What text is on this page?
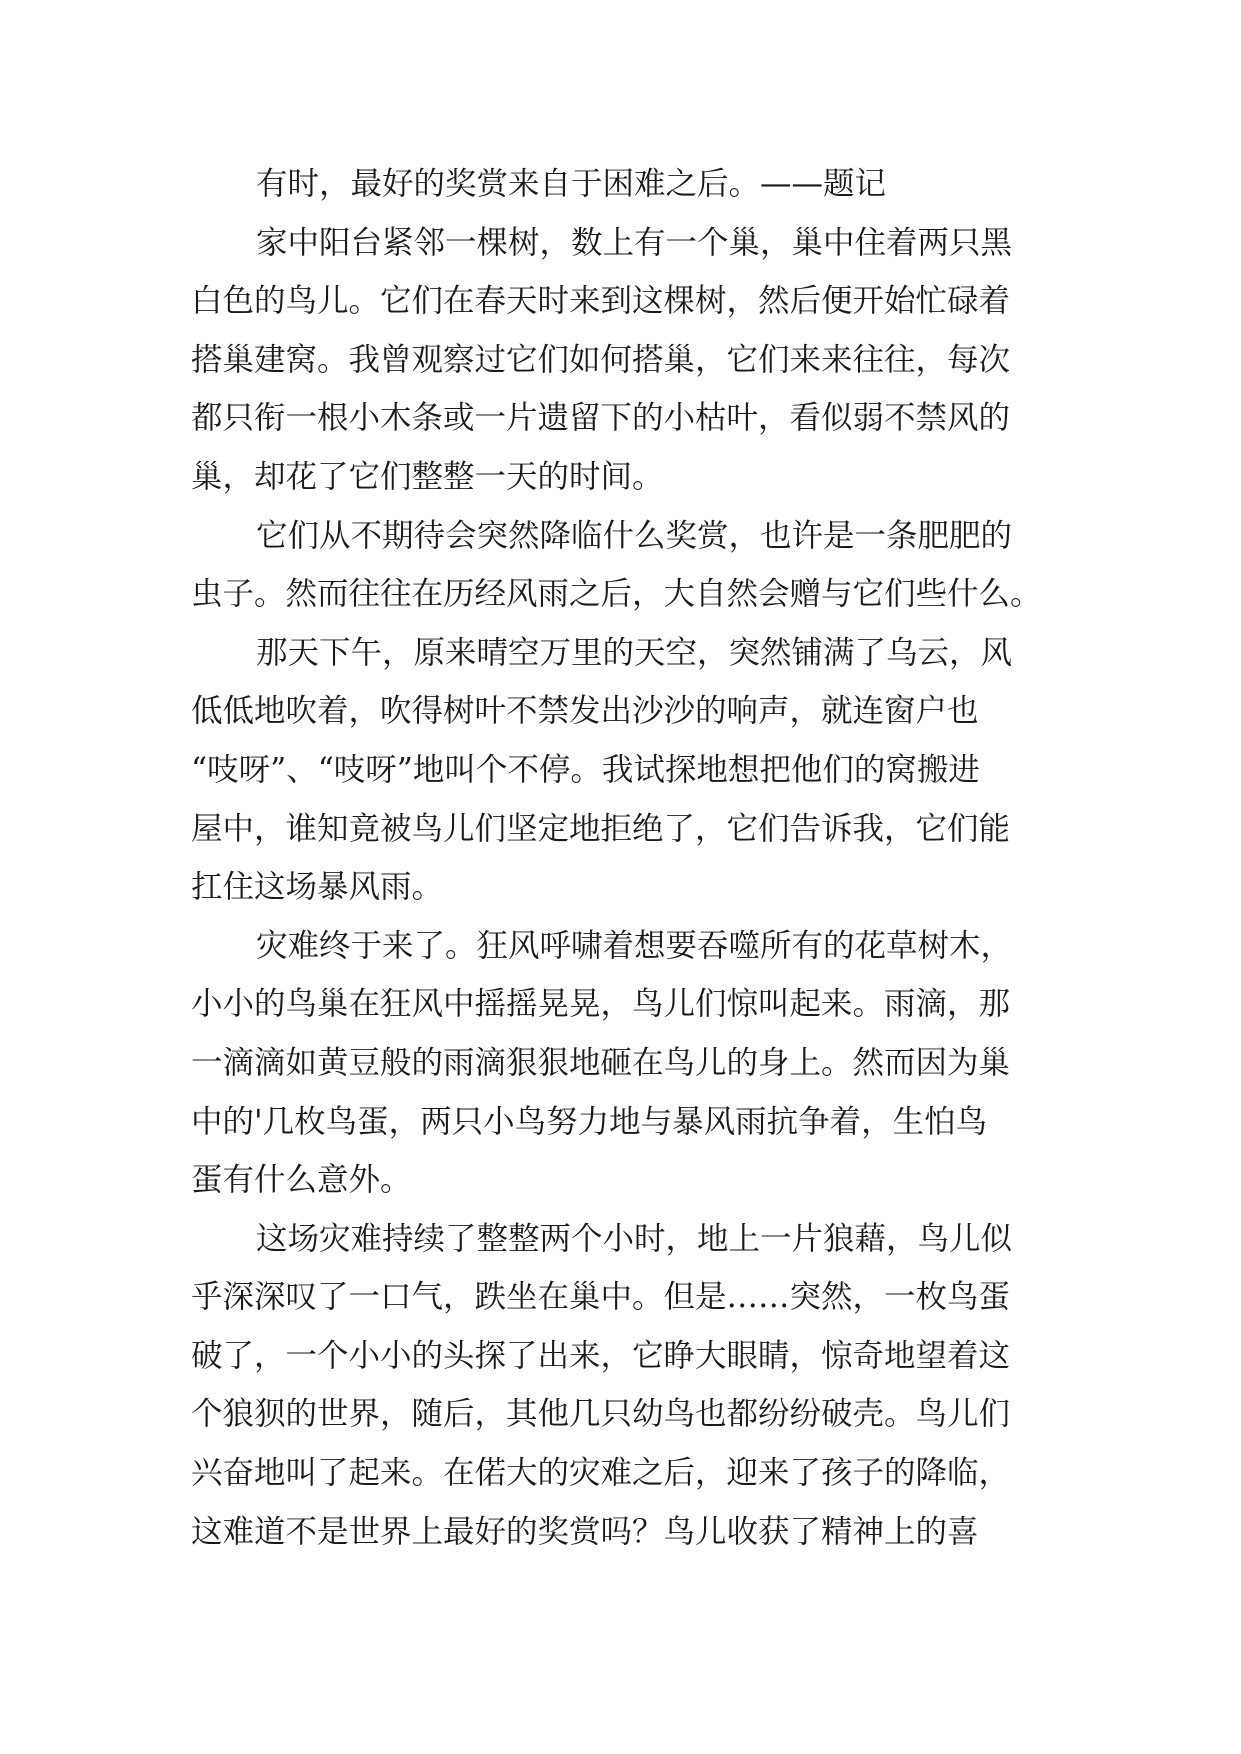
有时，最好的奖赏来自于困难之后。——题记
家中阳台紧邻一棵树，数上有一个巢，巢中住着两只黑
白色的鸟儿。它们在春天时来到这棵树，然后便开始忙碌着
搭巢建窝。我曾观察过它们如何搭巢，它们来来往往，每次
都只衔一根小木条或一片遗留下的小枯叶，看似弱不禁风的
巢，却花了它们整整一天的时间。
它们从不期待会突然降临什么奖赏，也许是一条肥肥的
虫子。然而往往在历经风雨之后，大自然会赠与它们些什么。
那天下午，原来晴空万里的天空，突然铺满了乌云，风
低低地吹着，吹得树叶不禁发出沙沙的响声，就连窗户也
“吱呀”、“吱呀”地叫个不停。我试探地想把他们的窝搬进
屋中，谁知竟被鸟儿们坚定地拒绝了，它们告诉我，它们能
扛住这场暴风雨。
灾难终于来了。狂风呼啸着想要吞噬所有的花草树木，
小小的鸟巢在狂风中摇摇晃晃，鸟儿们惊叫起来。雨滴，那
一滴滴如黄豆般的雨滴狠狠地砸在鸟儿的身上。然而因为巢
中的'几枚鸟蛋，两只小鸟努力地与暴风雨抗争着，生怕鸟
蛋有什么意外。
这场灾难持续了整整两个小时，地上一片狼藉，鸟儿似
乎深深叹了一口气，跌坐在巢中。但是……突然，一枚鸟蛋
破了，一个小小的头探了出来，它睁大眼睛，惊奇地望着这
个狼狈的世界，随后，其他几只幼鸟也都纷纷破壳。鸟儿们
兴奋地叫了起来。在偌大的灾难之后，迎来了孩子的降临，
这难道不是世界上最好的奖赏吗？鸟儿收获了精神上的喜
